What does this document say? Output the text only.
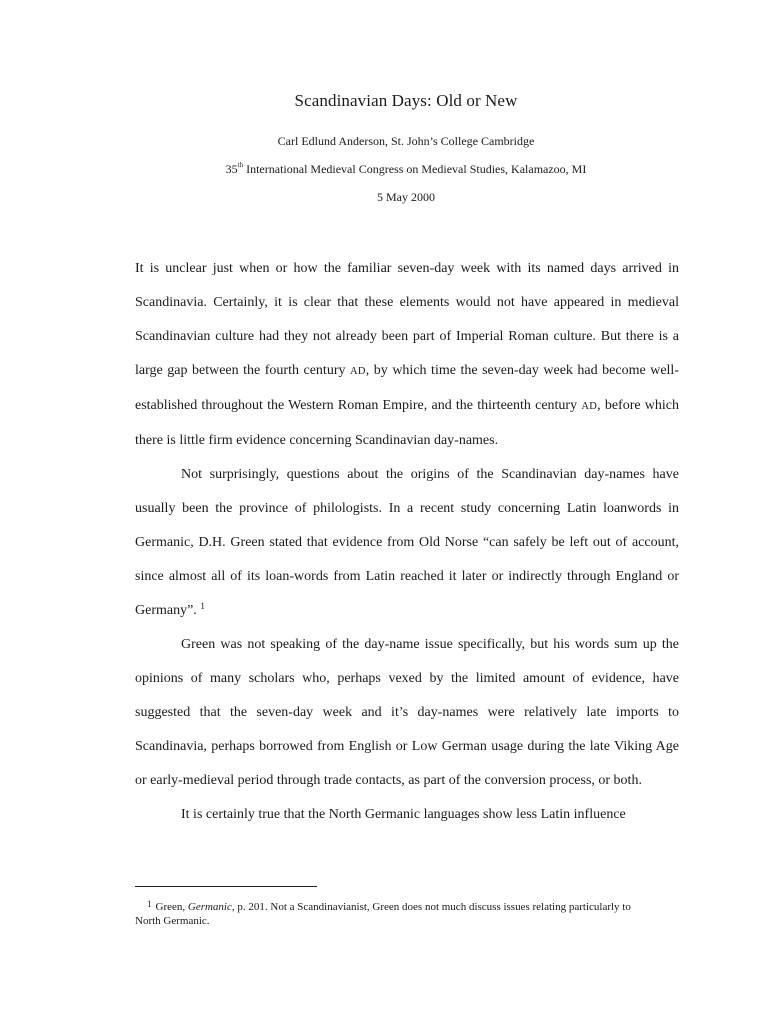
Scandinavian Days: Old or New
Carl Edlund Anderson, St. John’s College Cambridge
35th International Medieval Congress on Medieval Studies, Kalamazoo, MI
5 May 2000

It is unclear just when or how the familiar seven-day week with its named days arrived in Scandinavia. Certainly, it is clear that these elements would not have appeared in medieval Scandinavian culture had they not already been part of Imperial Roman culture. But there is a large gap between the fourth century AD, by which time the seven-day week had become well-established throughout the Western Roman Empire, and the thirteenth century AD, before which there is little firm evidence concerning Scandinavian day-names.

Not surprisingly, questions about the origins of the Scandinavian day-names have usually been the province of philologists. In a recent study concerning Latin loanwords in Germanic, D.H. Green stated that evidence from Old Norse “can safely be left out of account, since almost all of its loan-words from Latin reached it later or indirectly through England or Germany”. $^1$

Green was not speaking of the day-name issue specifically, but his words sum up the opinions of many scholars who, perhaps vexed by the limited amount of evidence, have suggested that the seven-day week and it’s day-names were relatively late imports to Scandinavia, perhaps borrowed from English or Low German usage during the late Viking Age or early-medieval period through trade contacts, as part of the conversion process, or both.

It is certainly true that the North Germanic languages show less Latin influence

$^1$ Green, Germanic, p. 201. Not a Scandinavianist, Green does not much discuss issues relating particularly to North Germanic.
